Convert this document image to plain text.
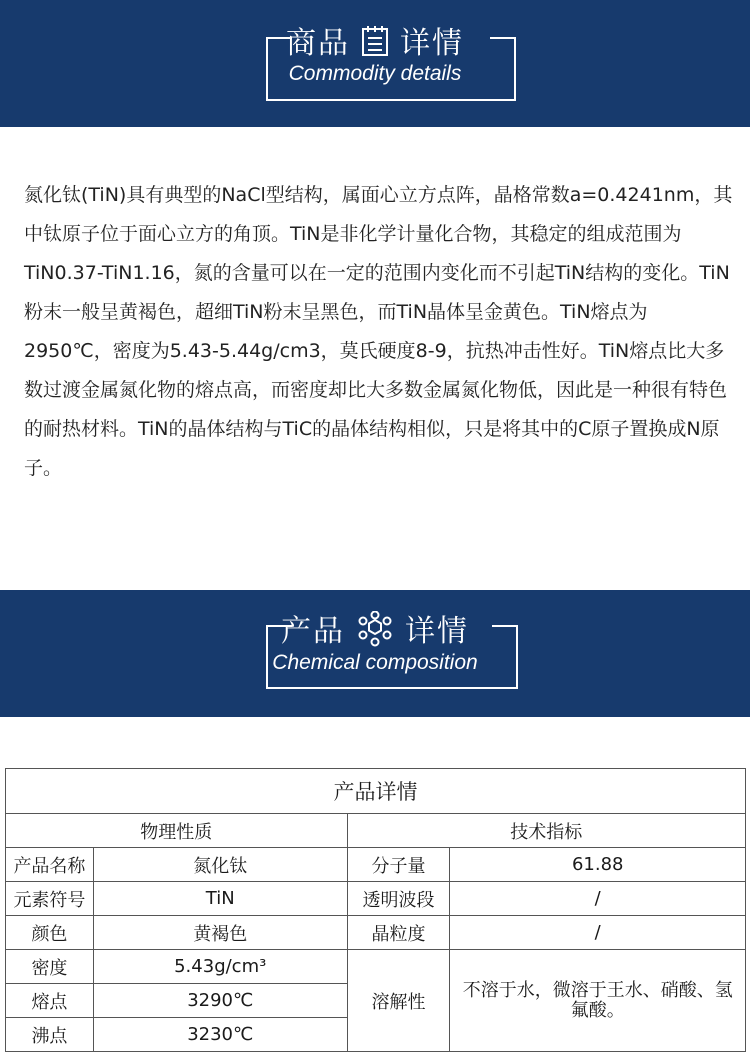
商品 详情
Commodity details
氮化钛(TiN)具有典型的NaCl型结构，属面心立方点阵，晶格常数a=0.4241nm，其中钛原子位于面心立方的角顶。TiN是非化学计量化合物，其稳定的组成范围为TiN0.37-TiN1.16，氮的含量可以在一定的范围内变化而不引起TiN结构的变化。TiN粉末一般呈黄褐色，超细TiN粉末呈黑色，而TiN晶体呈金黄色。TiN熔点为2950℃，密度为5.43-5.44g/cm3，莫氏硬度8-9，抗热冲击性好。TiN熔点比大多数过渡金属氮化物的熔点高，而密度却比大多数金属氮化物低，因此是一种很有特色的耐热材料。TiN的晶体结构与TiC的晶体结构相似，只是将其中的C原子置换成N原子。
产品 详情
Chemical composition
产品详情			
物理性质		技术指标	
产品名称	氮化钛	分子量	61.88
元素符号	TiN	透明波段	/
颜色	黄褐色	晶粒度	/
密度	5.43g/cm³	溶解性	不溶于水，微溶于王水、硝酸、氢氟酸。
熔点	3290℃		
沸点	3230℃		
